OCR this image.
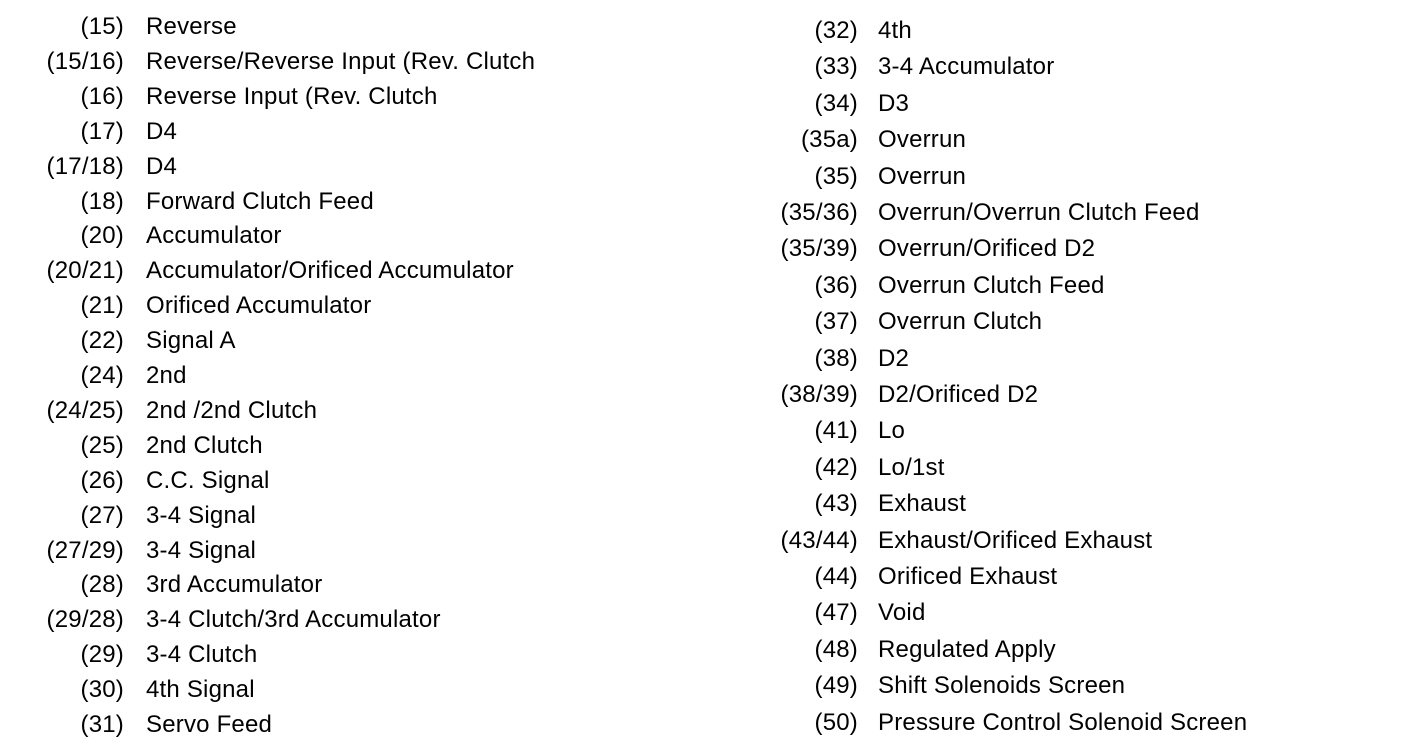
(15) Reverse
(15/16) Reverse/Reverse Input (Rev. Clutch
(16) Reverse Input (Rev. Clutch
(17) D4
(17/18) D4
(18) Forward Clutch Feed
(20) Accumulator
(20/21) Accumulator/Orificed Accumulator
(21) Orificed Accumulator
(22) Signal A
(24) 2nd
(24/25) 2nd /2nd Clutch
(25) 2nd Clutch
(26) C.C. Signal
(27) 3-4 Signal
(27/29) 3-4 Signal
(28) 3rd Accumulator
(29/28) 3-4 Clutch/3rd Accumulator
(29) 3-4 Clutch
(30) 4th Signal
(31) Servo Feed
(32) 4th
(33) 3-4 Accumulator
(34) D3
(35a) Overrun
(35) Overrun
(35/36) Overrun/Overrun Clutch Feed
(35/39) Overrun/Orificed D2
(36) Overrun Clutch Feed
(37) Overrun Clutch
(38) D2
(38/39) D2/Orificed D2
(41) Lo
(42) Lo/1st
(43) Exhaust
(43/44) Exhaust/Orificed Exhaust
(44) Orificed Exhaust
(47) Void
(48) Regulated Apply
(49) Shift Solenoids Screen
(50) Pressure Control Solenoid Screen
